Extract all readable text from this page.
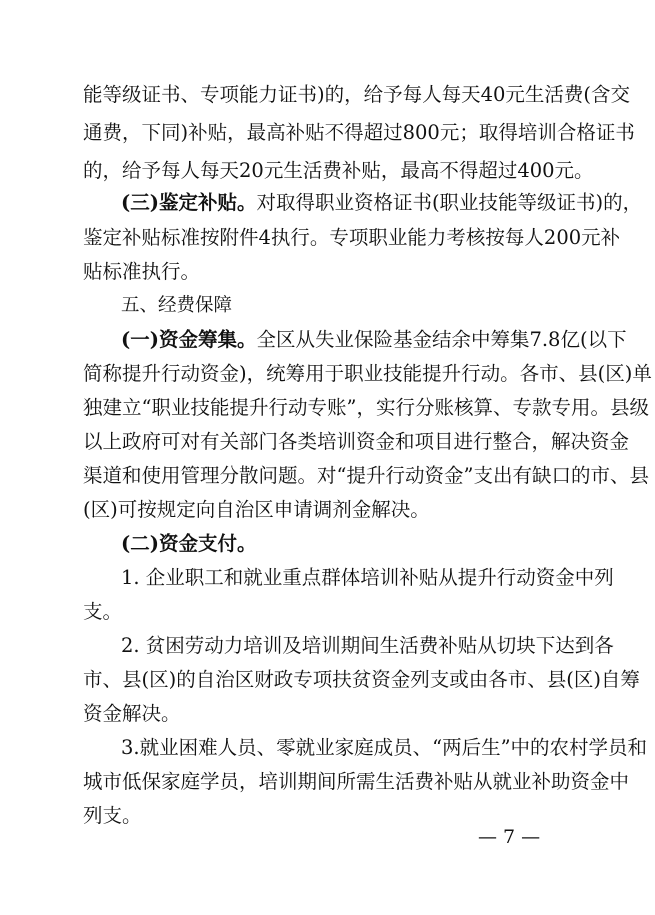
能等级证书、专项能力证书)的，给予每人每天40元生活费(含交

通费，下同)补贴，最高补贴不得超过800元；取得培训合格证书

的，给予每人每天20元生活费补贴，最高不得超过400元。

(三)鉴定补贴。对取得职业资格证书(职业技能等级证书)的，

鉴定补贴标准按附件4执行。专项职业能力考核按每人200元补

贴标准执行。

五、经费保障

(一)资金筹集。全区从失业保险基金结余中筹集7.8亿(以下

简称提升行动资金)，统筹用于职业技能提升行动。各市、县(区)单

独建立“职业技能提升行动专账”，实行分账核算、专款专用。县级

以上政府可对有关部门各类培训资金和项目进行整合，解决资金

渠道和使用管理分散问题。对“提升行动资金”支出有缺口的市、县

(区)可按规定向自治区申请调剂金解决。

(二)资金支付。

1. 企业职工和就业重点群体培训补贴从提升行动资金中列

支。

2. 贫困劳动力培训及培训期间生活费补贴从切块下达到各

市、县(区)的自治区财政专项扶贫资金列支或由各市、县(区)自筹

资金解决。

3.就业困难人员、零就业家庭成员、“两后生”中的农村学员和

城市低保家庭学员，培训期间所需生活费补贴从就业补助资金中

列支。

— 7 —
